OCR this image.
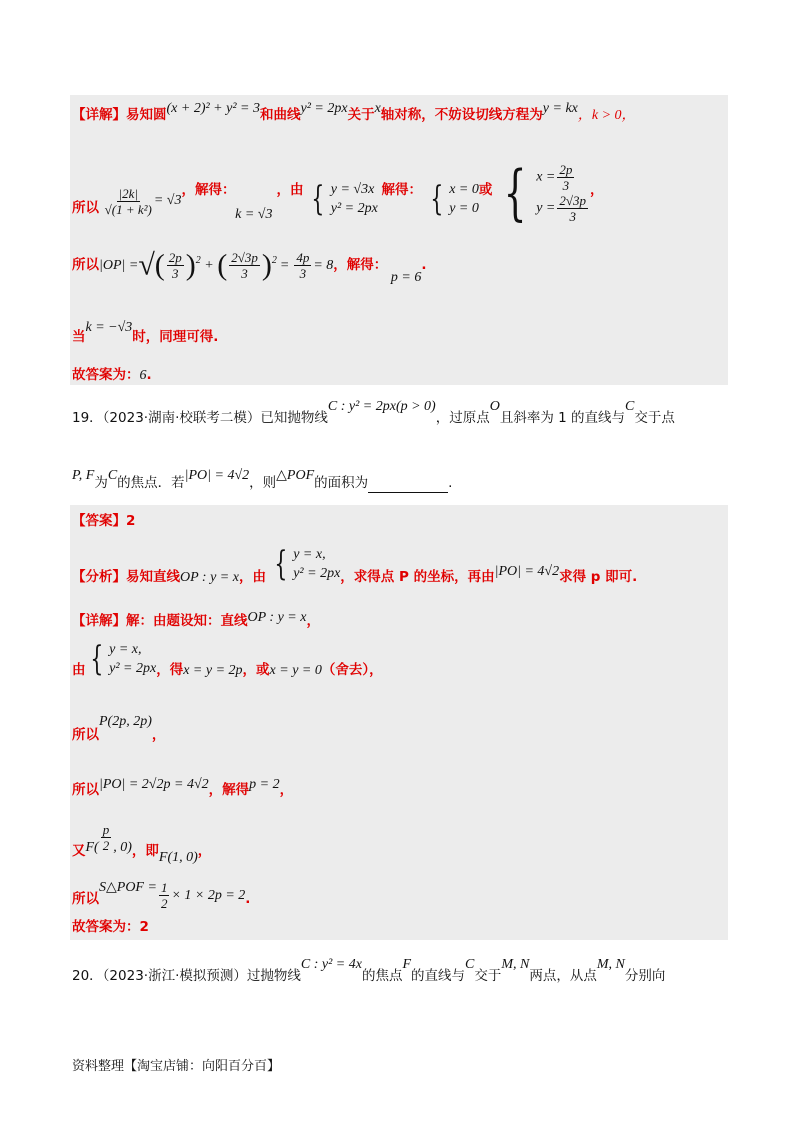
【详解】易知圆(x + 2)² + y² = 3和曲线y² = 2px关于x轴对称，不妨设切线方程为y = kx，k > 0，
所以 $\frac{|2k|}{\text{√(1 + k²)}} = √3$，解得： k = √3，由 { y = √3x
y² = 2px
解得： { x = 0
y = 0
或 { $x = \frac{2p}{3}$
$y = \frac{2√3p}{3}$
，
所以|OP| =√( $\frac{2p}{3} )^2$ + ( $\frac{2√3p}{3} )^2 = \frac{4p}{3} = 8$，解得： p = 6.
当k = −√3时，同理可得.
故答案为：6.
19．（2023·湖南·校联考二模）已知抛物线C : y² = 2px(p > 0)，过原点O且斜率为 1 的直线与C交于点
P, F为C的焦点．若|PO| = 4√2，则△POF的面积为	.
【答案】2
【分析】易知直线OP : y = x，由 { y = x,
y² = 2px ，求得点 P 的坐标，再由|PO| = 4√2求得 p 即可.
【详解】解：由题设知：直线OP : y = x，
由 { y = x,
y² = 2px ，得x = y = 2p，或x = y = 0（舍去），
所以P(2p, 2p)，
所以|PO| = 2√2p = 4√2，解得p = 2，
又$F( \frac{p}{2}$ , 0)，即F(1, 0)，
所以S△POF = $\frac{1}{2} \times 1 \times 2p = 2$.
故答案为：2
20．（2023·浙江·模拟预测）过抛物线C : y² = 4x的焦点F的直线与C交于M, N两点，从点M, N分别向
资料整理【淘宝店铺：向阳百分百】
